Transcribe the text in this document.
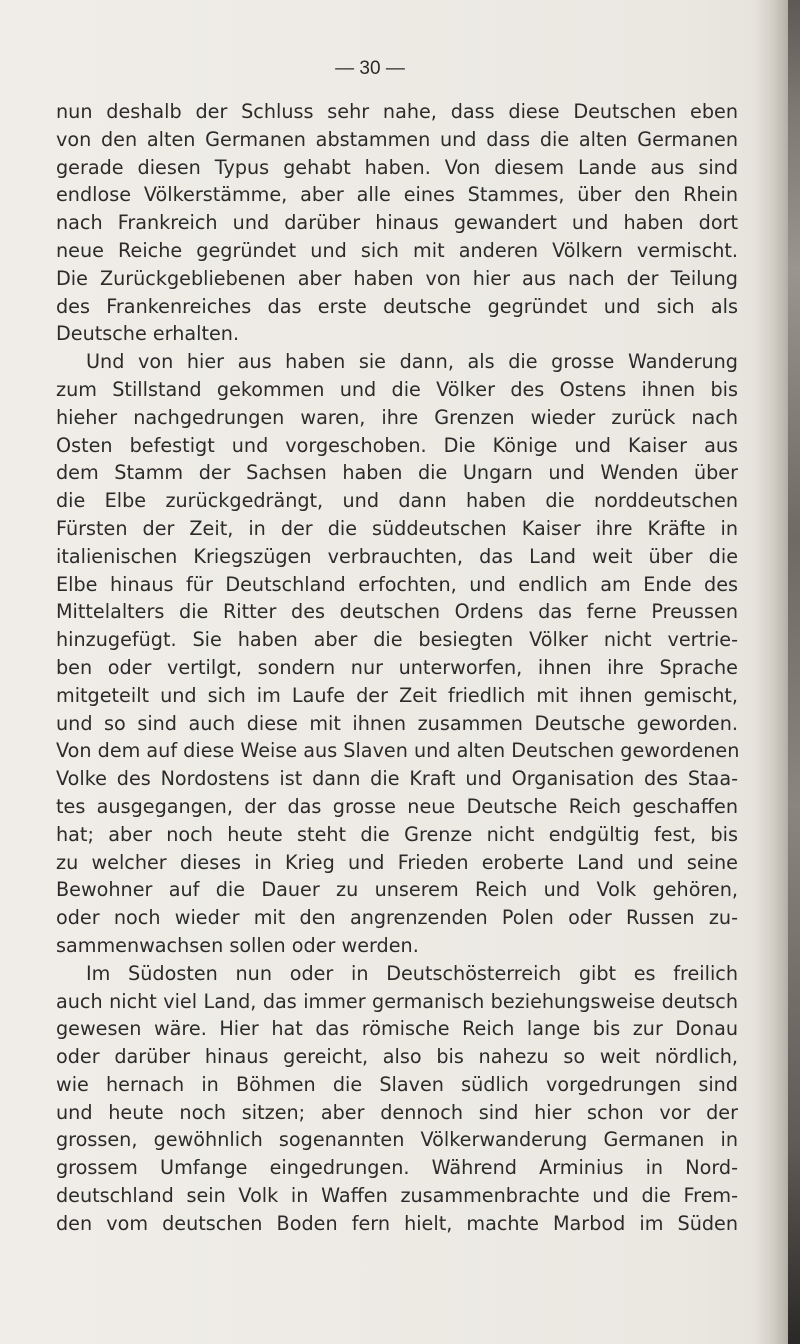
— 30 —
nun deshalb der Schluss sehr nahe, dass diese Deutschen eben
von den alten Germanen abstammen und dass die alten Germanen
gerade diesen Typus gehabt haben. Von diesem Lande aus sind
endlose Völkerstämme, aber alle eines Stammes, über den Rhein
nach Frankreich und darüber hinaus gewandert und haben dort
neue Reiche gegründet und sich mit anderen Völkern vermischt.
Die Zurückgebliebenen aber haben von hier aus nach der Teilung
des Frankenreiches das erste deutsche gegründet und sich als
Deutsche erhalten.
Und von hier aus haben sie dann, als die grosse Wanderung
zum Stillstand gekommen und die Völker des Ostens ihnen bis
hieher nachgedrungen waren, ihre Grenzen wieder zurück nach
Osten befestigt und vorgeschoben. Die Könige und Kaiser aus
dem Stamm der Sachsen haben die Ungarn und Wenden über
die Elbe zurückgedrängt, und dann haben die norddeutschen
Fürsten der Zeit, in der die süddeutschen Kaiser ihre Kräfte in
italienischen Kriegszügen verbrauchten, das Land weit über die
Elbe hinaus für Deutschland erfochten, und endlich am Ende des
Mittelalters die Ritter des deutschen Ordens das ferne Preussen
hinzugefügt. Sie haben aber die besiegten Völker nicht vertrie-
ben oder vertilgt, sondern nur unterworfen, ihnen ihre Sprache
mitgeteilt und sich im Laufe der Zeit friedlich mit ihnen gemischt,
und so sind auch diese mit ihnen zusammen Deutsche geworden.
Von dem auf diese Weise aus Slaven und alten Deutschen gewordenen
Volke des Nordostens ist dann die Kraft und Organisation des Staa-
tes ausgegangen, der das grosse neue Deutsche Reich geschaffen
hat; aber noch heute steht die Grenze nicht endgültig fest, bis
zu welcher dieses in Krieg und Frieden eroberte Land und seine
Bewohner auf die Dauer zu unserem Reich und Volk gehören,
oder noch wieder mit den angrenzenden Polen oder Russen zu-
sammenwachsen sollen oder werden.
Im Südosten nun oder in Deutschösterreich gibt es freilich
auch nicht viel Land, das immer germanisch beziehungsweise deutsch
gewesen wäre. Hier hat das römische Reich lange bis zur Donau
oder darüber hinaus gereicht, also bis nahezu so weit nördlich,
wie hernach in Böhmen die Slaven südlich vorgedrungen sind
und heute noch sitzen; aber dennoch sind hier schon vor der
grossen, gewöhnlich sogenannten Völkerwanderung Germanen in
grossem Umfange eingedrungen. Während Arminius in Nord-
deutschland sein Volk in Waffen zusammenbrachte und die Frem-
den vom deutschen Boden fern hielt, machte Marbod im Süden
